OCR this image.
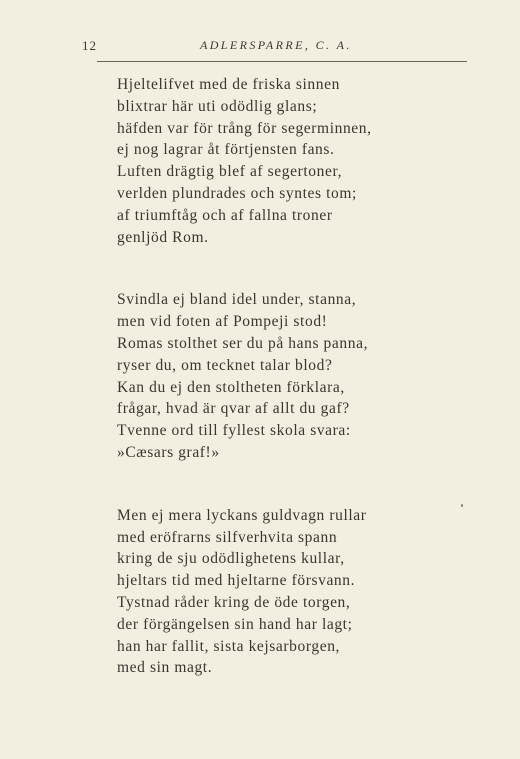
12	ADLERSPARRE, C. A.
Hjeltelifvet med de friska sinnen
blixtrar här uti odödlig glans;
häfden var för trång för segerminnen,
ej nog lagrar åt förtjensten fans.
Luften drägtig blef af segertoner,
verlden plundrades och syntes tom;
af triumftåg och af fallna troner
genljöd Rom.
Svindla ej bland idel under, stanna,
men vid foten af Pompeji stod!
Romas stolthet ser du på hans panna,
ryser du, om tecknet talar blod?
Kan du ej den stoltheten förklara,
frågar, hvad är qvar af allt du gaf?
Tvenne ord till fyllest skola svara:
»Cæsars graf!»
Men ej mera lyckans guldvagn rullar
med eröfrarns silfverhvita spann
kring de sju odödlighetens kullar,
hjeltars tid med hjeltarne försvann.
Tystnad råder kring de öde torgen,
der förgängelsen sin hand har lagt;
han har fallit, sista kejsarborgen,
med sin magt.
